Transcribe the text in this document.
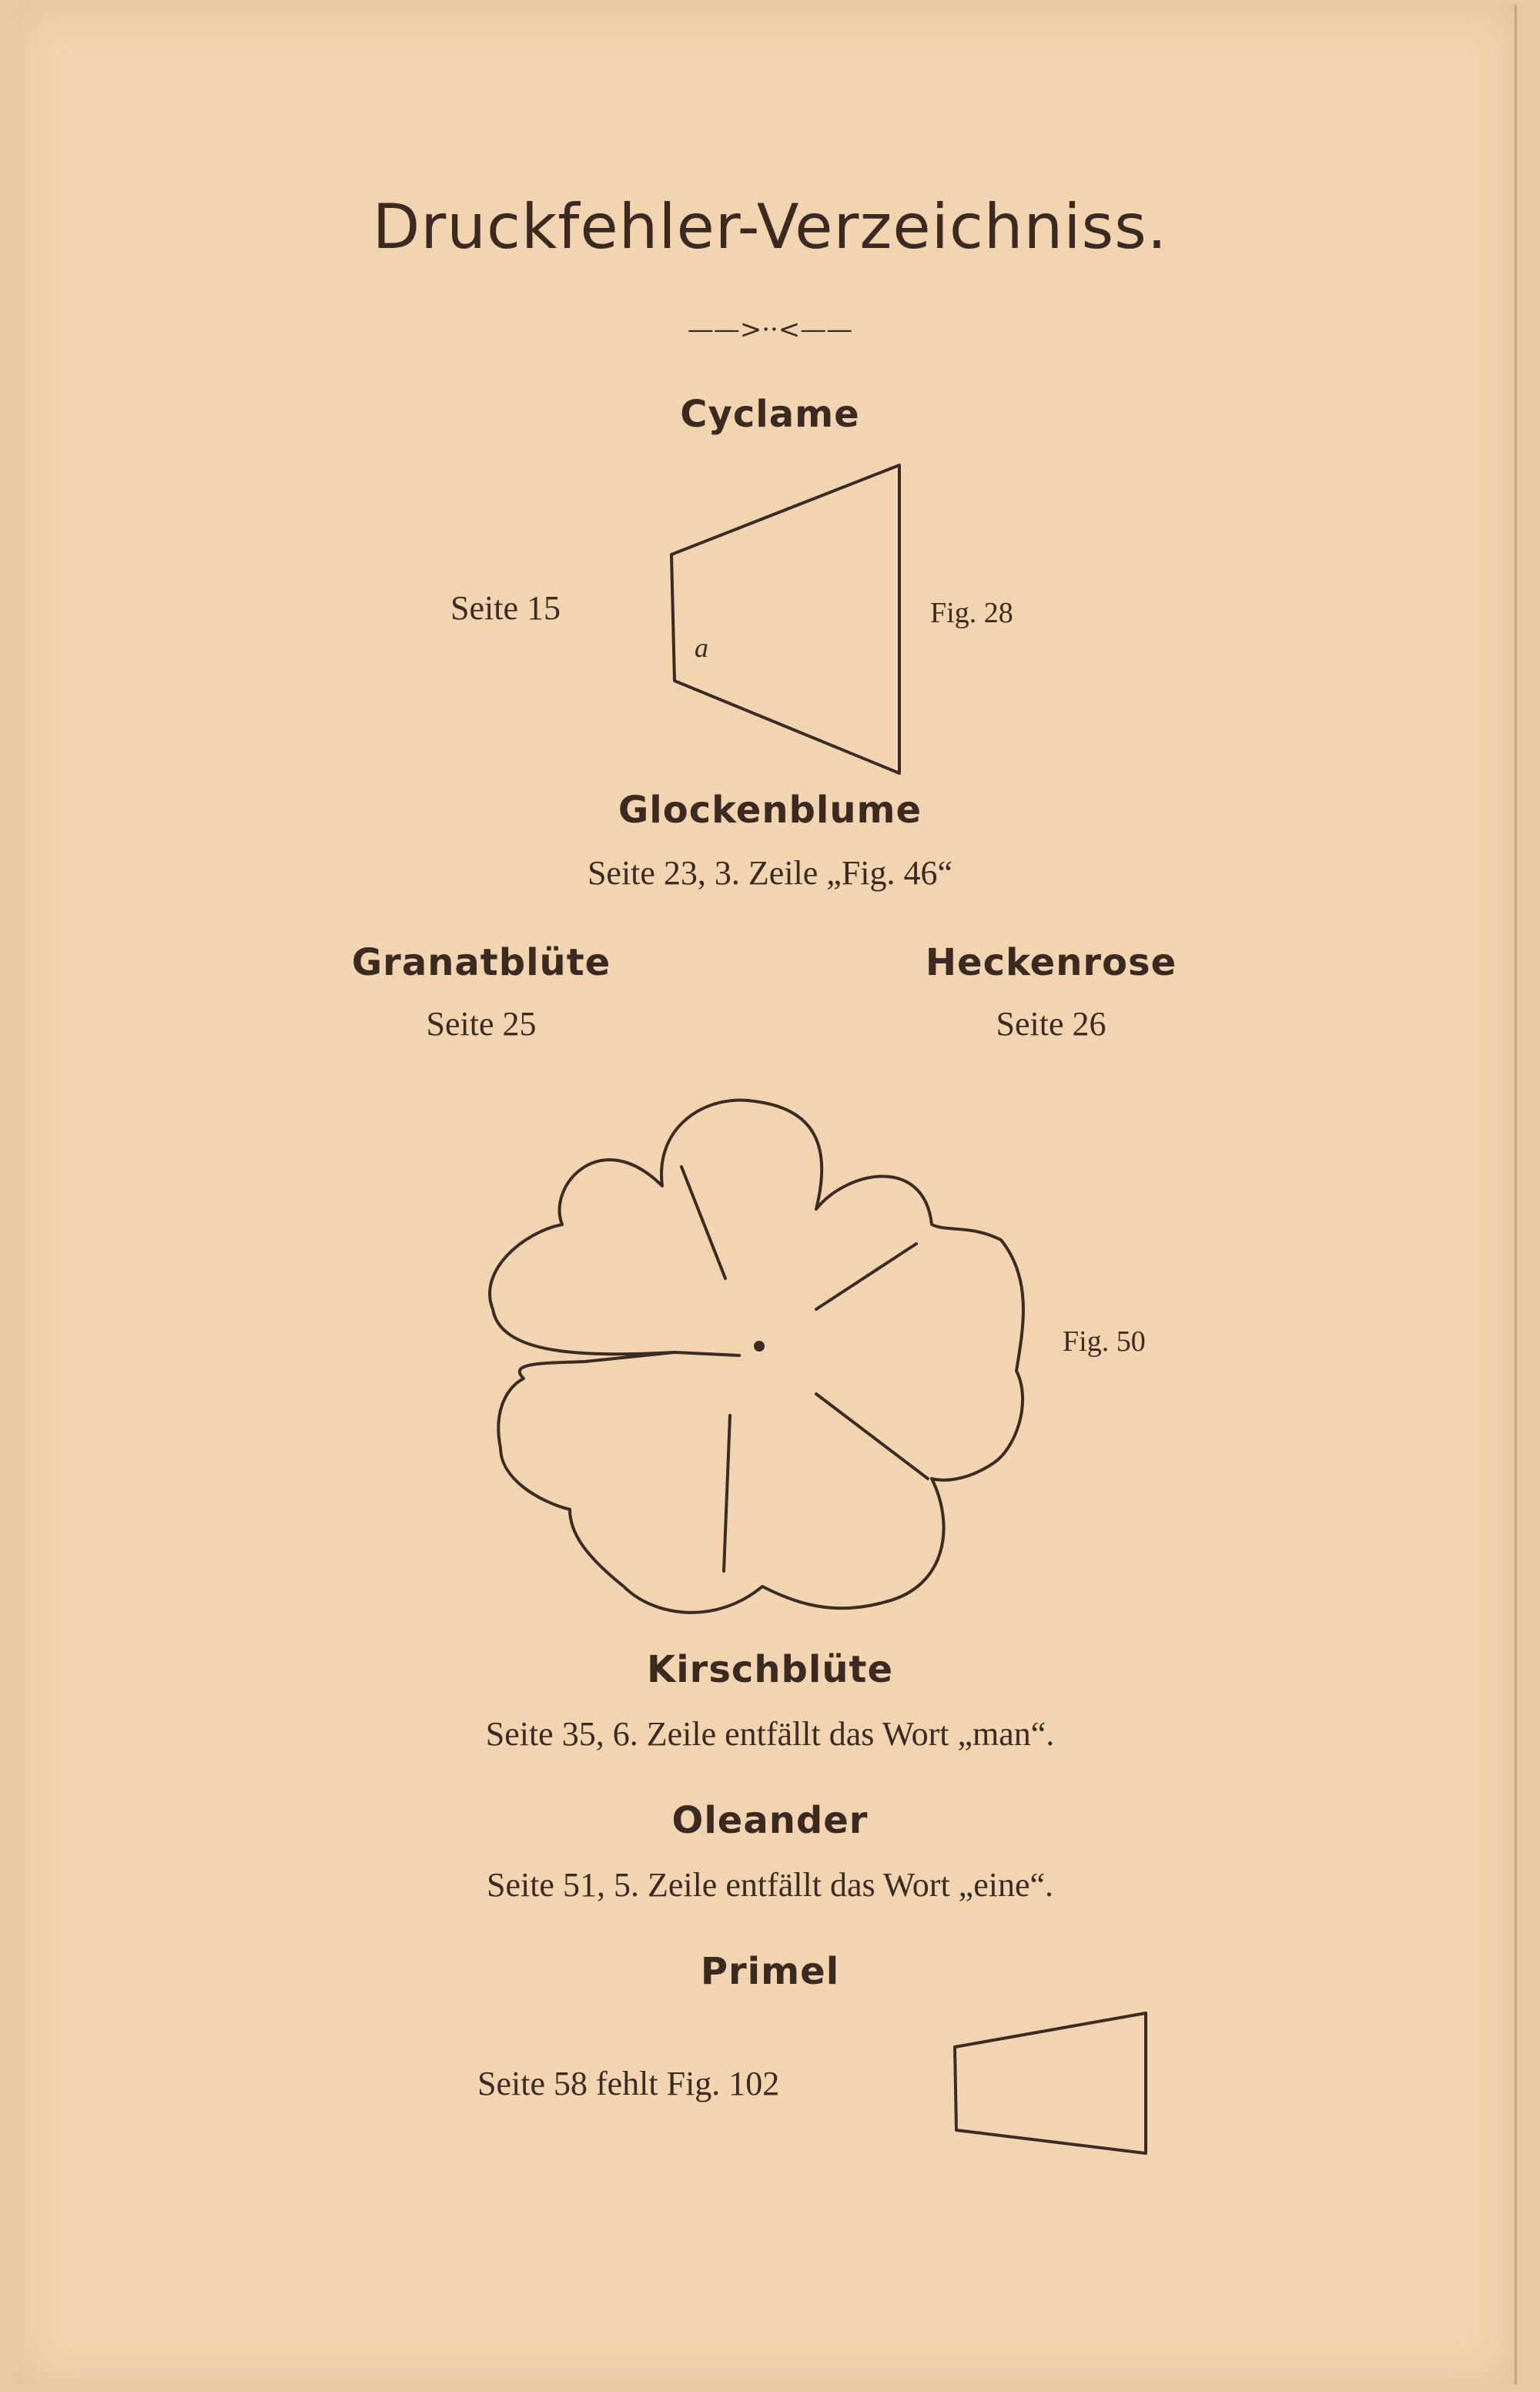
Druckfehler-Verzeichniss.
——>··<——
Cyclame
Seite 15	Fig. 28
a
Glockenblume
Seite 23, 3. Zeile „Fig. 46“
Granatblüte
Seite 25
Heckenrose
Seite 26
Fig. 50
Kirschblüte
Seite 35, 6. Zeile entfällt das Wort „man“.
Oleander
Seite 51, 5. Zeile entfällt das Wort „eine“.
Primel
Seite 58 fehlt Fig. 102
